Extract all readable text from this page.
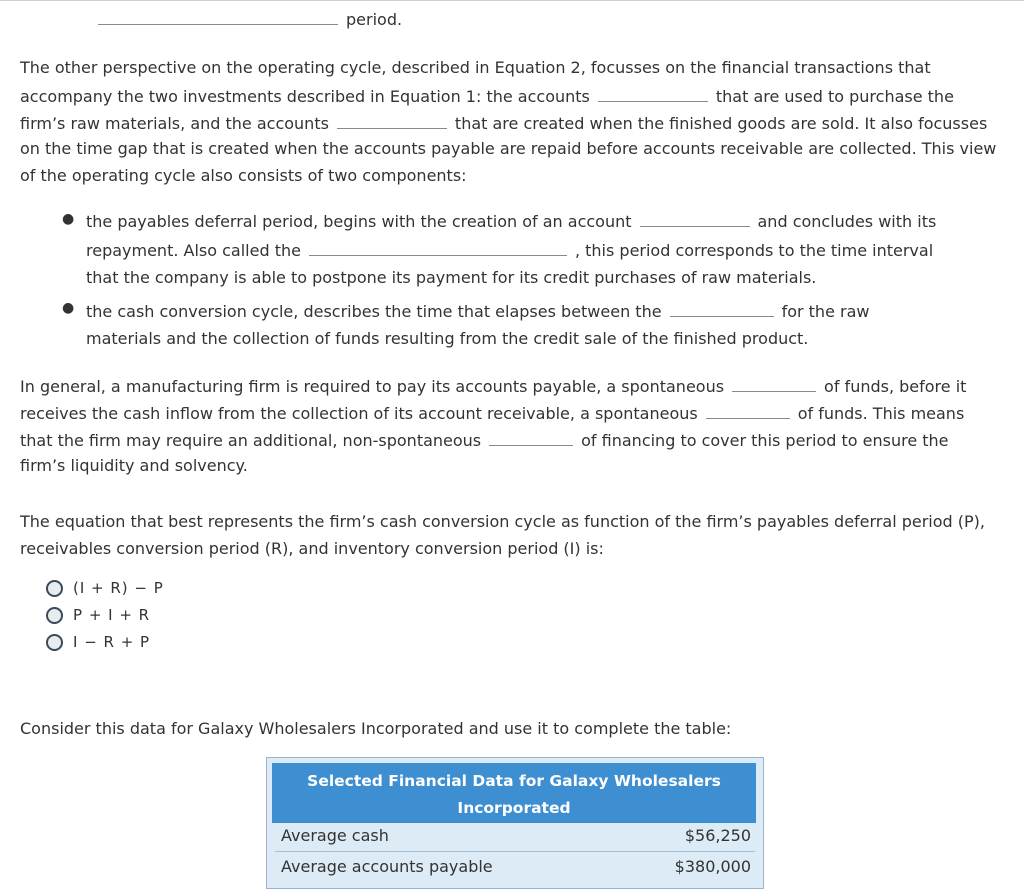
period.
The other perspective on the operating cycle, described in Equation 2, focusses on the financial transactions that
accompany the two investments described in Equation 1: the accounts	that are used to purchase the
firm’s raw materials, and the accounts	that are created when the finished goods are sold. It also focusses
on the time gap that is created when the accounts payable are repaid before accounts receivable are collected. This view
of the operating cycle also consists of two components:
● the payables deferral period, begins with the creation of an account	and concludes with its
repayment. Also called the	, this period corresponds to the time interval
that the company is able to postpone its payment for its credit purchases of raw materials.
● the cash conversion cycle, describes the time that elapses between the	for the raw
materials and the collection of funds resulting from the credit sale of the finished product.
In general, a manufacturing firm is required to pay its accounts payable, a spontaneous	of funds, before it
receives the cash inflow from the collection of its account receivable, a spontaneous	of funds. This means
that the firm may require an additional, non-spontaneous	of financing to cover this period to ensure the
firm’s liquidity and solvency.
The equation that best represents the firm’s cash conversion cycle as function of the firm’s payables deferral period (P),
receivables conversion period (R), and inventory conversion period (I) is:
(I + R) − P
P + I + R
I − R + P
Consider this data for Galaxy Wholesalers Incorporated and use it to complete the table:
Selected Financial Data for Galaxy Wholesalers
Incorporated
Average cash	$56,250
Average accounts payable	$380,000
